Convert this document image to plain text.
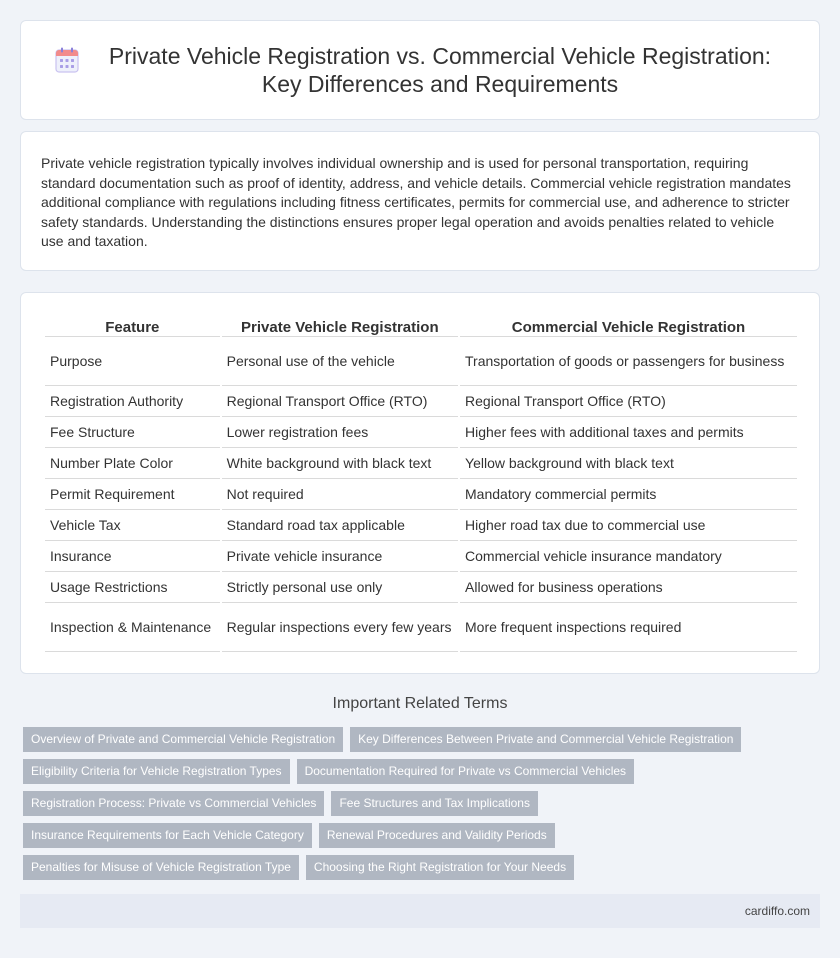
Private Vehicle Registration vs. Commercial Vehicle Registration: Key Differences and Requirements

Private vehicle registration typically involves individual ownership and is used for personal transportation, requiring standard documentation such as proof of identity, address, and vehicle details. Commercial vehicle registration mandates additional compliance with regulations including fitness certificates, permits for commercial use, and adherence to stricter safety standards. Understanding the distinctions ensures proper legal operation and avoids penalties related to vehicle use and taxation.

Feature	Private Vehicle Registration	Commercial Vehicle Registration
Purpose	Personal use of the vehicle	Transportation of goods or passengers for business
Registration Authority	Regional Transport Office (RTO)	Regional Transport Office (RTO)
Fee Structure	Lower registration fees	Higher fees with additional taxes and permits
Number Plate Color	White background with black text	Yellow background with black text
Permit Requirement	Not required	Mandatory commercial permits
Vehicle Tax	Standard road tax applicable	Higher road tax due to commercial use
Insurance	Private vehicle insurance	Commercial vehicle insurance mandatory
Usage Restrictions	Strictly personal use only	Allowed for business operations
Inspection & Maintenance	Regular inspections every few years	More frequent inspections required
Important Related Terms
Overview of Private and Commercial Vehicle Registration	Key Differences Between Private and Commercial Vehicle Registration
Eligibility Criteria for Vehicle Registration Types	Documentation Required for Private vs Commercial Vehicles
Registration Process: Private vs Commercial Vehicles	Fee Structures and Tax Implications
Insurance Requirements for Each Vehicle Category	Renewal Procedures and Validity Periods
Penalties for Misuse of Vehicle Registration Type	Choosing the Right Registration for Your Needs
cardiffo.com
